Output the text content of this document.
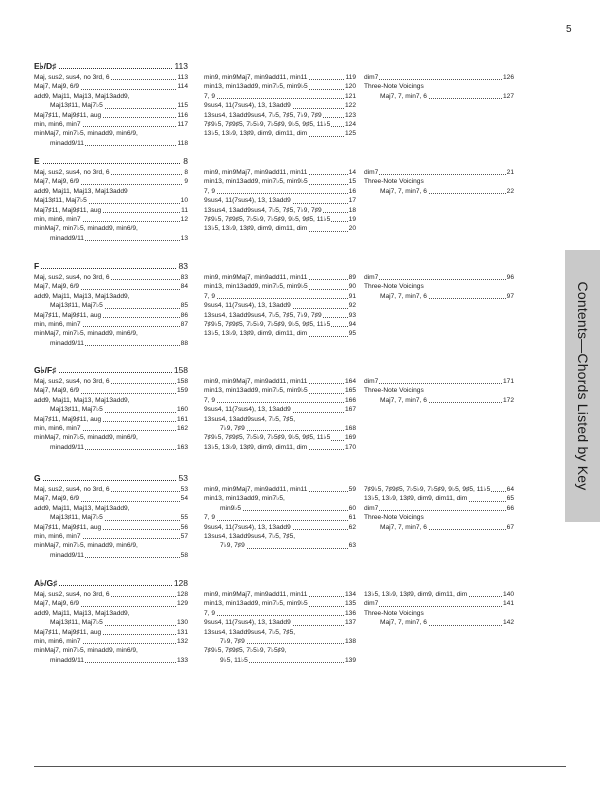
5
Contents—Chords Listed by Key
E♭/D♯	113
Maj, sus2, sus4, no 3rd, 6	113
Maj7, Maj9, 6/9	114
add9, Maj11, Maj13, Maj13add9,
Maj13♯11, Maj7♭5	115
Maj7♯11, Maj9♯11, aug	116
min, min6, min7	117
minMaj7, min7♭5, minadd9, min6/9,
minadd9/11	118
min9, min9Maj7, min9add11, min11	119
min13, min13add9, min7♭5, min9♭5	120
7, 9	121
9sus4, 11(7sus4), 13, 13add9	122
13sus4, 13add9sus4, 7♭5, 7♯5, 7♭9, 7♯9	123
7♯9♭5, 7♯9♯5, 7♭5♭9, 7♭5♯9, 9♭5, 9♯5, 11♭5 124
13♭5, 13♭9, 13♯9, dim9, dim11, dim	125
dim7	126
Three-Note Voicings
Maj7, 7, min7, 6	127
E	8
Maj, sus2, sus4, no 3rd, 6	8
Maj7, Maj9, 6/9	9
add9, Maj11, Maj13, Maj13add9
Maj13♯11, Maj7♭5	10
Maj7♯11, Maj9♯11, aug	11
min, min6, min7	12
minMaj7, min7♭5, minadd9, min6/9,
minadd9/11	13
min9, min9Maj7, min9add11, min11	14
min13, min13add9, min7♭5, min9♭5	15
7, 9	16
9sus4, 11(7sus4), 13, 13add9	17
13sus4, 13add9sus4, 7♭5, 7♯5, 7♭9, 7♯9	18
7♯9♭5, 7♯9♯5, 7♭5♭9, 7♭5♯9, 9♭5, 9♯5, 11♭5	19
13♭5, 13♭9, 13♯9, dim9, dim11, dim	20
dim7	21
Three-Note Voicings
Maj7, 7, min7, 6	22
F	83
Maj, sus2, sus4, no 3rd, 6	83
Maj7, Maj9, 6/9	84
add9, Maj11, Maj13, Maj13add9,
Maj13♯11, Maj7♭5	85
Maj7♯11, Maj9♯11, aug	86
min, min6, min7	87
minMaj7, min7♭5, minadd9, min6/9,
minadd9/11	88
min9, min9Maj7, min9add11, min11	89
min13, min13add9, min7♭5, min9♭5	90
7, 9	91
9sus4, 11(7sus4), 13, 13add9	92
13sus4, 13add9sus4, 7♭5, 7♯5, 7♭9, 7♯9	93
7♯9♭5, 7♯9♯5, 7♭5♭9, 7♭5♯9, 9♭5, 9♯5, 11♭5	94
13♭5, 13♭9, 13♯9, dim9, dim11, dim	95
dim7	96
Three-Note Voicings
Maj7, 7, min7, 6	97
G♭/F♯	158
Maj, sus2, sus4, no 3rd, 6	158
Maj7, Maj9, 6/9	159
add9, Maj11, Maj13, Maj13add9,
Maj13♯11, Maj7♭5	160
Maj7♯11, Maj9♯11, aug	161
min, min6, min7	162
minMaj7, min7♭5, minadd9, min6/9,
minadd9/11	163
min9, min9Maj7, min9add11, min11	164
min13, min13add9, min7♭5, min9♭5	165
7, 9	166
9sus4, 11(7sus4), 13, 13add9	167
13sus4, 13add9sus4, 7♭5, 7♯5,
7♭9, 7♯9	168
7♯9♭5, 7♯9♯5, 7♭5♭9, 7♭5♯9, 9♭5, 9♯5, 11♭5 169
13♭5, 13♭9, 13♯9, dim9, dim11, dim	170
dim7	171
Three-Note Voicings
Maj7, 7, min7, 6	172
G	53
Maj, sus2, sus4, no 3rd, 6	53
Maj7, Maj9, 6/9	54
add9, Maj11, Maj13, Maj13add9,
Maj13♯11, Maj7♭5	55
Maj7♯11, Maj9♯11, aug	56
min, min6, min7	57
minMaj7, min7♭5, minadd9, min6/9,
minadd9/11	58
min9, min9Maj7, min9add11, min11	59
min13, min13add9, min7♭5,
min9♭5	60
7, 9	61
9sus4, 11(7sus4), 13, 13add9	62
13sus4, 13add9sus4, 7♭5, 7♯5,
7♭9, 7♯9	63
7♯9♭5, 7♯9♯5, 7♭5♭9, 7♭5♯9, 9♭5, 9♯5, 11♭5 64
13♭5, 13♭9, 13♯9, dim9, dim11, dim	65
dim7	66
Three-Note Voicings
Maj7, 7, min7, 6	67
A♭/G♯	128
Maj, sus2, sus4, no 3rd, 6	128
Maj7, Maj9, 6/9	129
add9, Maj11, Maj13, Maj13add9,
Maj13♯11, Maj7♭5	130
Maj7♯11, Maj9♯11, aug	131
min, min6, min7	132
minMaj7, min7♭5, minadd9, min6/9,
minadd9/11	133
min9, min9Maj7, min9add11, min11	134
min13, min13add9, min7♭5, min9♭5	135
7, 9	136
9sus4, 11(7sus4), 13, 13add9	137
13sus4, 13add9sus4, 7♭5, 7♯5,
7♭9, 7♯9	138
7♯9♭5, 7♯9♯5, 7♭5♭9, 7♭5♯9,
9♭5, 11♭5	139
13♭5, 13♭9, 13♯9, dim9, dim11, dim	140
dim7	141
Three-Note Voicings
Maj7, 7, min7, 6	142
